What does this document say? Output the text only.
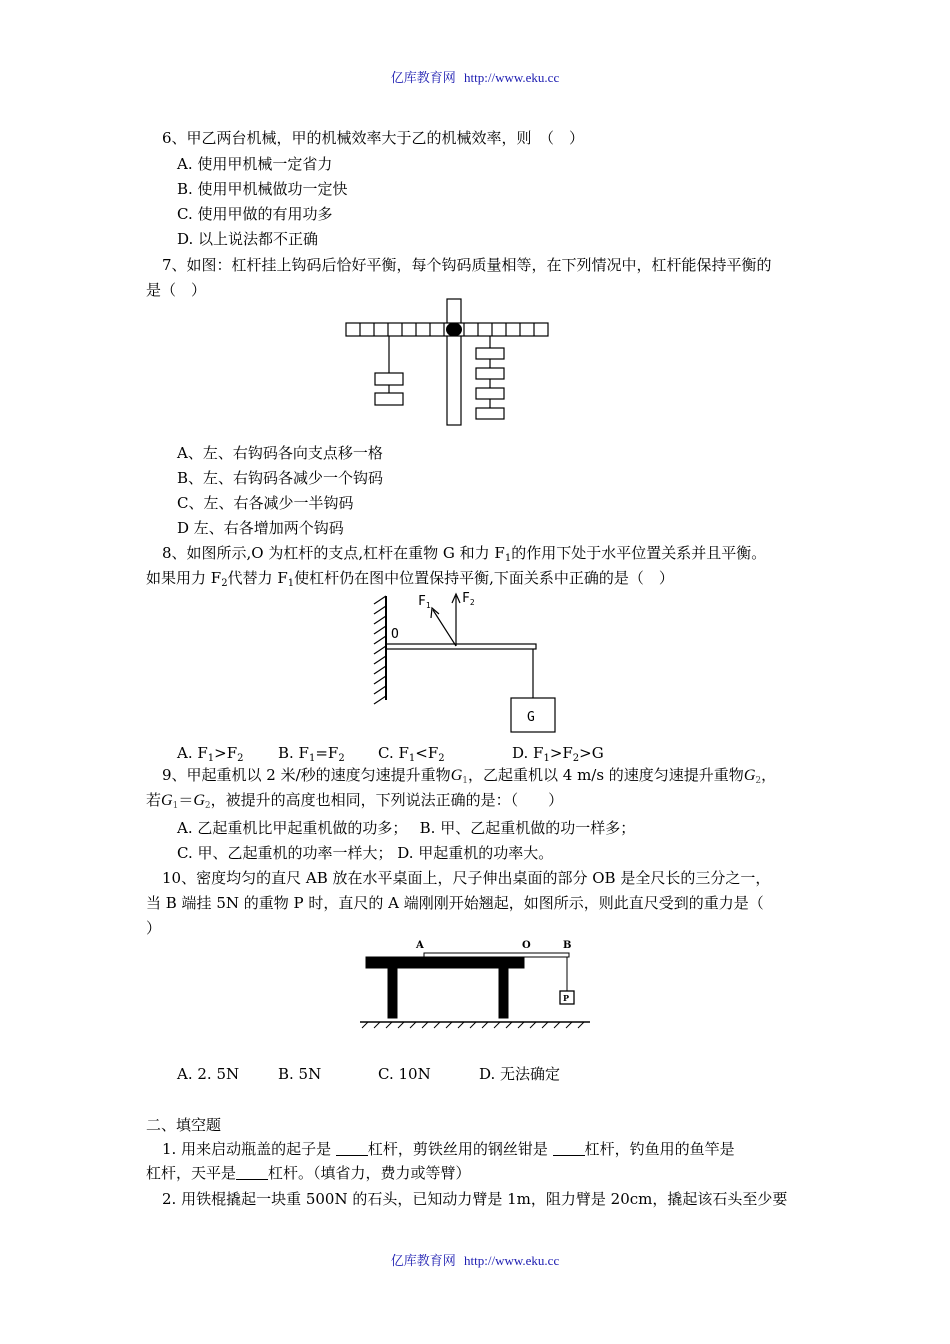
亿库教育网 http://www.eku.cc
6、甲乙两台机械，甲的机械效率大于乙的机械效率，则　（　）
A. 使用甲机械一定省力
B. 使用甲机械做功一定快
C. 使用甲做的有用功多
D. 以上说法都不正确
7、如图：杠杆挂上钩码后恰好平衡，每个钩码质量相等，在下列情况中，杠杆能保持平衡的
是（　）
A、左、右钩码各向支点移一格
B、左、右钩码各减少一个钩码
C、左、右各减少一半钩码
D 左、右各增加两个钩码
8、如图所示,O 为杠杆的支点,杠杆在重物 G 和力 $F_1$的作用下处于水平位置关系并且平衡。
如果用力 $F_2$代替力 $F_1$使杠杆仍在图中位置保持平衡,下面关系中正确的是（　）
$F_1$ $F_2$
O
G
A. $F_1>F_2$ B. $F_1=F_2$ C. $F_1<F_2$	D. $F_1>F_2>G$
9、甲起重机以 2 米/秒的速度匀速提升重物$G_1$，乙起重机以 4 m/s 的速度匀速提升重物$G_2$，
若$G_1=G_2$，被提升的高度也相同，下列说法正确的是：（　　）
A. 乙起重机比甲起重机做的功多；　 B. 甲、乙起重机做的功一样多；
C. 甲、乙起重机的功率一样大； D. 甲起重机的功率大。
10、密度均匀的直尺 AB 放在水平桌面上，尺子伸出桌面的部分 OB 是全尺长的三分之一，
当 B 端挂 5N 的重物 P 时，直尺的 A 端刚刚开始翘起，如图所示，则此直尺受到的重力是（
）
A	O	B
P
A. 2. 5N	B. 5N	C. 10N	D. 无法确定
二、填空题
1. 用来启动瓶盖的起子是 杠杆，剪铁丝用的钢丝钳是 杠杆，钓鱼用的鱼竿是
杠杆，天平是 杠杆。（填省力，费力或等臂）
2. 用铁棍撬起一块重 500N 的石头，已知动力臂是 1m，阻力臂是 20cm，撬起该石头至少要
亿库教育网 http://www.eku.cc
